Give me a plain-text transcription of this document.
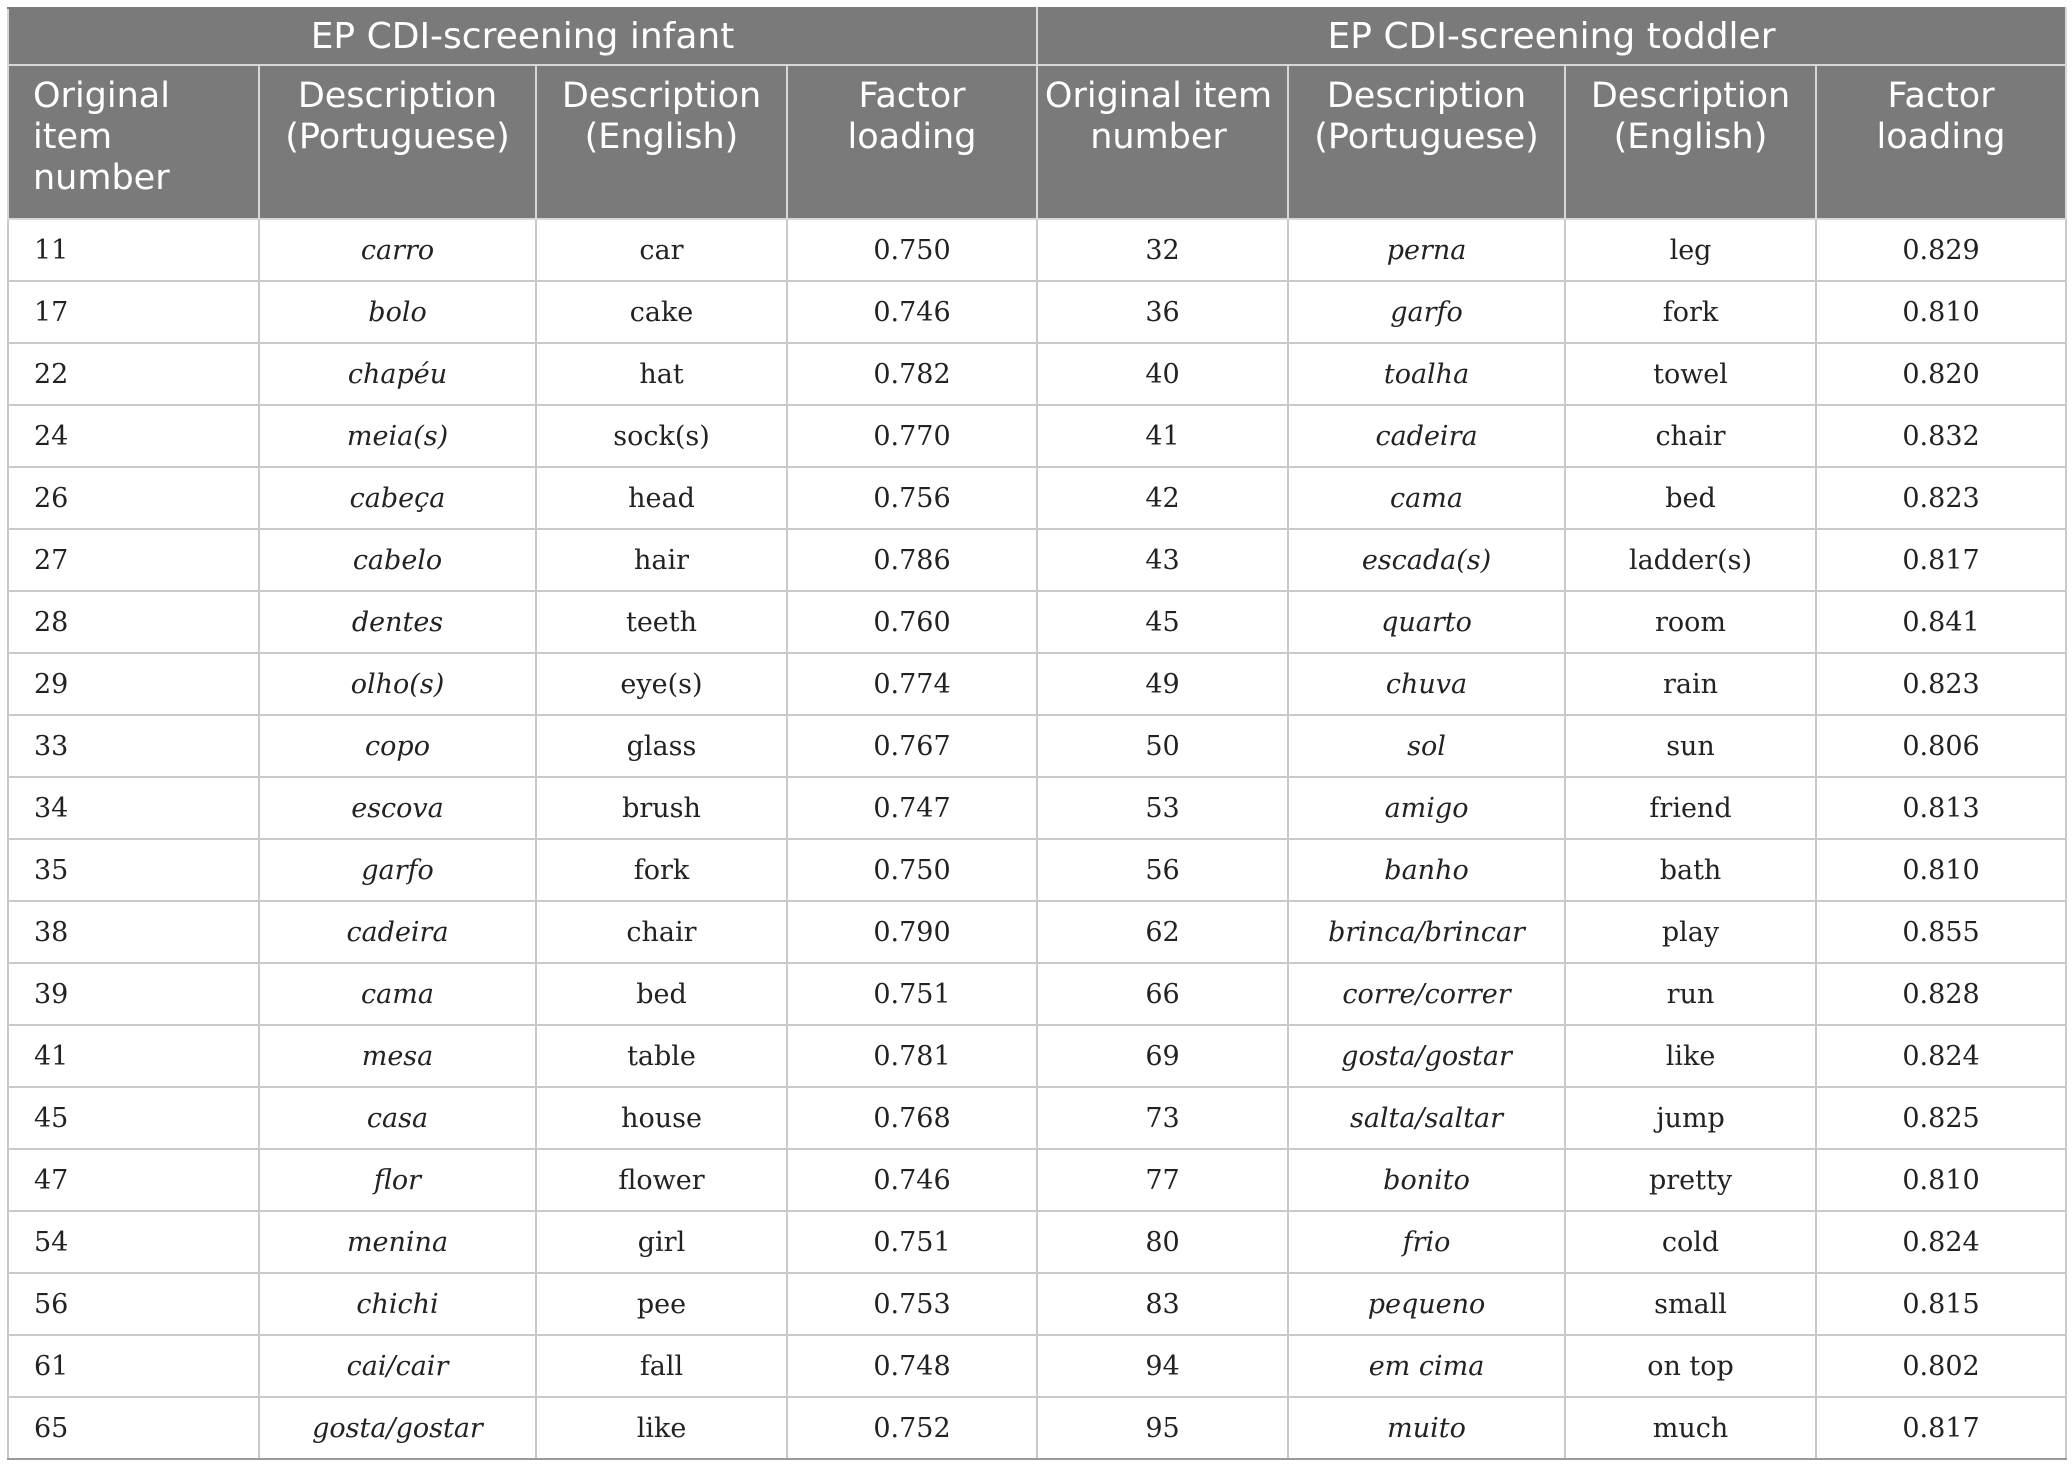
EP CDI-screening infant				EP CDI-screening toddler			
Original item number	Description (Portuguese)	Description (English)	Factor loading	Original item number	Description (Portuguese)	Description (English)	Factor loading
11	carro	car	0.750	32	perna	leg	0.829
17	bolo	cake	0.746	36	garfo	fork	0.810
22	chapéu	hat	0.782	40	toalha	towel	0.820
24	meia(s)	sock(s)	0.770	41	cadeira	chair	0.832
26	cabeça	head	0.756	42	cama	bed	0.823
27	cabelo	hair	0.786	43	escada(s)	ladder(s)	0.817
28	dentes	teeth	0.760	45	quarto	room	0.841
29	olho(s)	eye(s)	0.774	49	chuva	rain	0.823
33	copo	glass	0.767	50	sol	sun	0.806
34	escova	brush	0.747	53	amigo	friend	0.813
35	garfo	fork	0.750	56	banho	bath	0.810
38	cadeira	chair	0.790	62	brinca/brincar	play	0.855
39	cama	bed	0.751	66	corre/correr	run	0.828
41	mesa	table	0.781	69	gosta/gostar	like	0.824
45	casa	house	0.768	73	salta/saltar	jump	0.825
47	flor	flower	0.746	77	bonito	pretty	0.810
54	menina	girl	0.751	80	frio	cold	0.824
56	chichi	pee	0.753	83	pequeno	small	0.815
61	cai/cair	fall	0.748	94	em cima	on top	0.802
65	gosta/gostar	like	0.752	95	muito	much	0.817
